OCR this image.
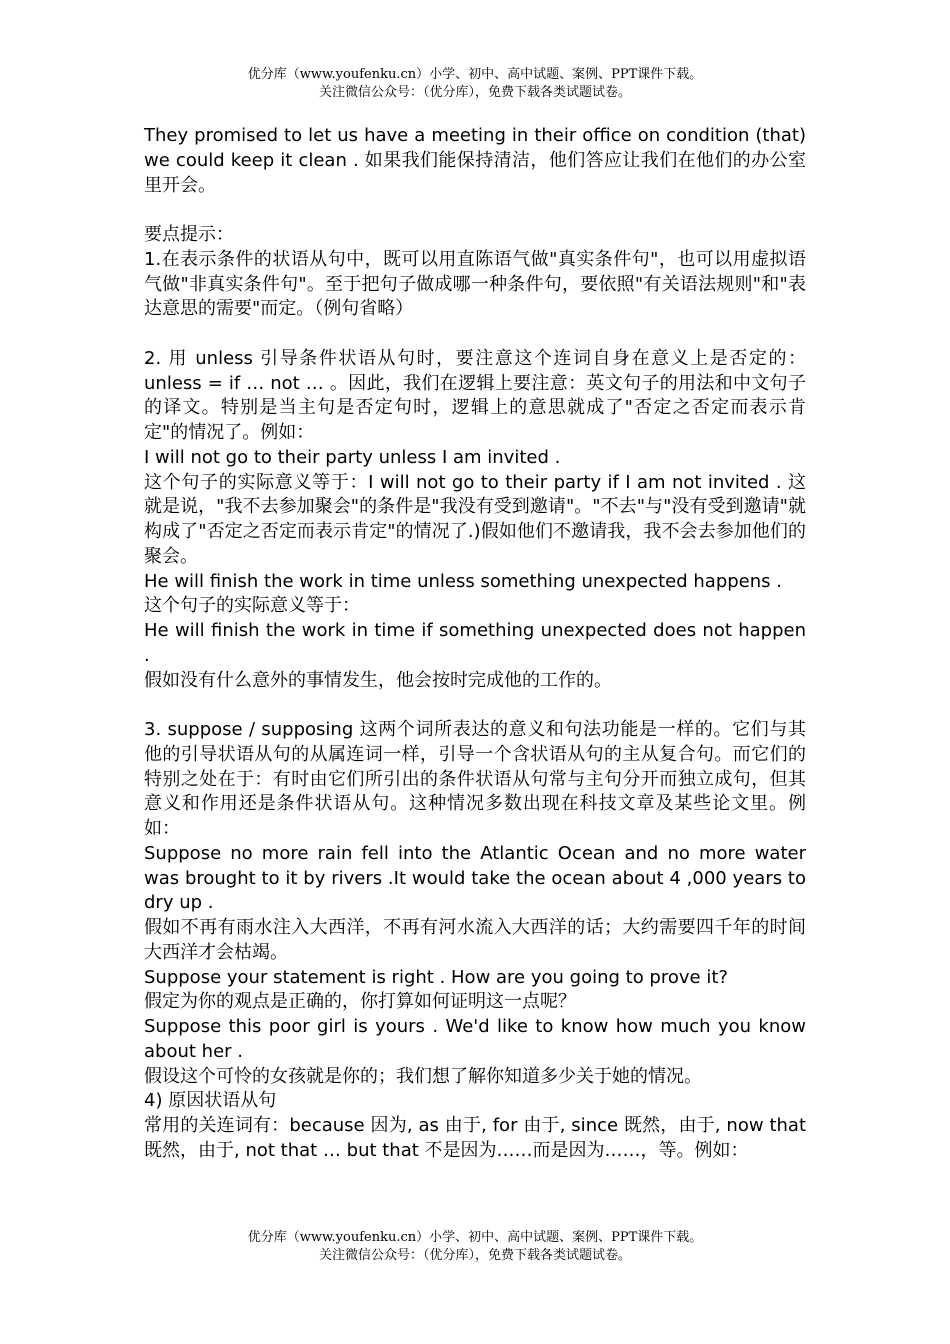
优分库（www.youfenku.cn）小学、初中、高中试题、案例、PPT课件下载。
关注微信公众号：（优分库），免费下载各类试题试卷。

They promised to let us have a meeting in their office on condition (that) we could keep it clean . 如果我们能保持清洁，他们答应让我们在他们的办公室里开会。

要点提示：

1.在表示条件的状语从句中，既可以用直陈语气做"真实条件句"，也可以用虚拟语气做"非真实条件句"。至于把句子做成哪一种条件句，要依照"有关语法规则"和"表达意思的需要"而定。（例句省略）

2. 用 unless 引导条件状语从句时，要注意这个连词自身在意义上是否定的：unless = if … not … 。因此，我们在逻辑上要注意：英文句子的用法和中文句子的译文。特别是当主句是否定句时，逻辑上的意思就成了"否定之否定而表示肯定"的情况了。例如：

I will not go to their party unless I am invited .

这个句子的实际意义等于：I will not go to their party if I am not invited . 这就是说，"我不去参加聚会"的条件是"我没有受到邀请"。"不去"与"没有受到邀请"就构成了"否定之否定而表示肯定"的情况了.)假如他们不邀请我，我不会去参加他们的聚会。

He will finish the work in time unless something unexpected happens .

这个句子的实际意义等于：

He will finish the work in time if something unexpected does not happen .

假如没有什么意外的事情发生，他会按时完成他的工作的。

3. suppose / supposing 这两个词所表达的意义和句法功能是一样的。它们与其他的引导状语从句的从属连词一样，引导一个含状语从句的主从复合句。而它们的特别之处在于：有时由它们所引出的条件状语从句常与主句分开而独立成句，但其意义和作用还是条件状语从句。这种情况多数出现在科技文章及某些论文里。例如：

Suppose no more rain fell into the Atlantic Ocean and no more water was brought to it by rivers .It would take the ocean about 4 ,000 years to dry up .

假如不再有雨水注入大西洋，不再有河水流入大西洋的话；大约需要四千年的时间大西洋才会枯竭。

Suppose your statement is right . How are you going to prove it?

假定为你的观点是正确的，你打算如何证明这一点呢？

Suppose this poor girl is yours . We'd like to know how much you know about her .

假设这个可怜的女孩就是你的；我们想了解你知道多少关于她的情况。

4) 原因状语从句

常用的关连词有：because 因为, as 由于, for 由于, since 既然，由于, now that 既然，由于, not that … but that 不是因为……而是因为……，等。例如：

优分库（www.youfenku.cn）小学、初中、高中试题、案例、PPT课件下载。
关注微信公众号：（优分库），免费下载各类试题试卷。
